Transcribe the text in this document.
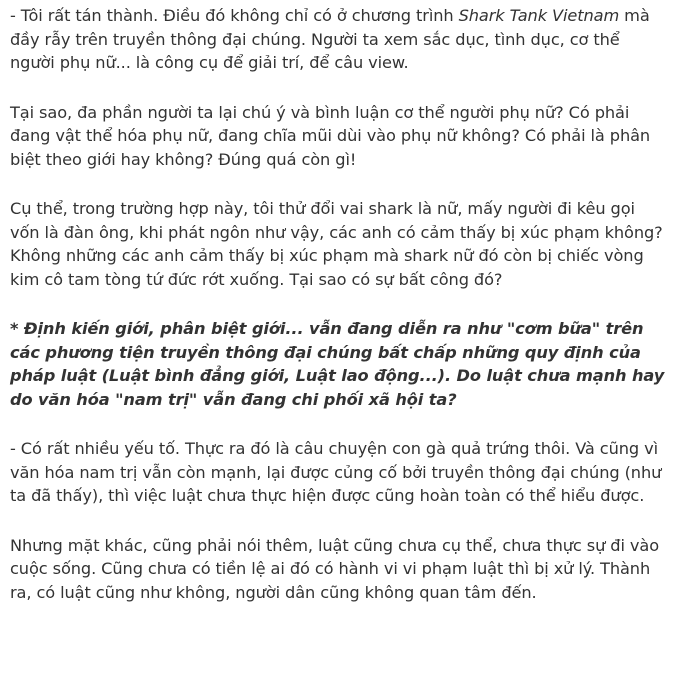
- Tôi rất tán thành. Điều đó không chỉ có ở chương trình Shark Tank Vietnam mà đầy rẫy trên truyền thông đại chúng. Người ta xem sắc dục, tình dục, cơ thể người phụ nữ... là công cụ để giải trí, để câu view.

Tại sao, đa phần người ta lại chú ý và bình luận cơ thể người phụ nữ? Có phải đang vật thể hóa phụ nữ, đang chĩa mũi dùi vào phụ nữ không? Có phải là phân biệt theo giới hay không? Đúng quá còn gì!

Cụ thể, trong trường hợp này, tôi thử đổi vai shark là nữ, mấy người đi kêu gọi vốn là đàn ông, khi phát ngôn như vậy, các anh có cảm thấy bị xúc phạm không? Không những các anh cảm thấy bị xúc phạm mà shark nữ đó còn bị chiếc vòng kim cô tam tòng tứ đức rớt xuống. Tại sao có sự bất công đó?

* Định kiến giới, phân biệt giới... vẫn đang diễn ra như "cơm bữa" trên các phương tiện truyền thông đại chúng bất chấp những quy định của pháp luật (Luật bình đẳng giới, Luật lao động...). Do luật chưa mạnh hay do văn hóa "nam trị" vẫn đang chi phối xã hội ta?

- Có rất nhiều yếu tố. Thực ra đó là câu chuyện con gà quả trứng thôi. Và cũng vì văn hóa nam trị vẫn còn mạnh, lại được củng cố bởi truyền thông đại chúng (như ta đã thấy), thì việc luật chưa thực hiện được cũng hoàn toàn có thể hiểu được.

Nhưng mặt khác, cũng phải nói thêm, luật cũng chưa cụ thể, chưa thực sự đi vào cuộc sống. Cũng chưa có tiền lệ ai đó có hành vi vi phạm luật thì bị xử lý. Thành ra, có luật cũng như không, người dân cũng không quan tâm đến.
